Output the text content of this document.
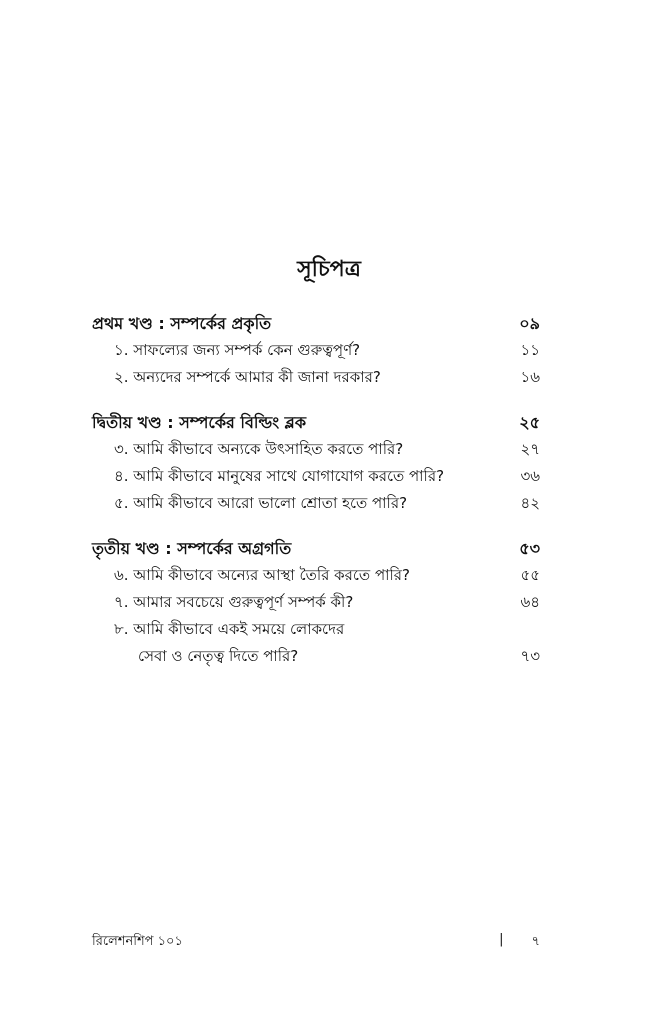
সূচিপত্র
প্রথম খণ্ড : সম্পর্কের প্রকৃতি	০৯
১. সাফল্যের জন্য সম্পর্ক কেন গুরুত্বপূর্ণ?	১১
২. অন্যদের সম্পর্কে আমার কী জানা দরকার?	১৬
দ্বিতীয় খণ্ড : সম্পর্কের বিল্ডিং ব্লক	২৫
৩. আমি কীভাবে অন্যকে উৎসাহিত করতে পারি?	২৭
৪. আমি কীভাবে মানুষের সাথে যোগাযোগ করতে পারি?	৩৬
৫. আমি কীভাবে আরো ভালো শ্রোতা হতে পারি?	৪২
তৃতীয় খণ্ড : সম্পর্কের অগ্রগতি	৫৩
৬. আমি কীভাবে অন্যের আস্থা তৈরি করতে পারি?	৫৫
৭. আমার সবচেয়ে গুরুত্বপূর্ণ সম্পর্ক কী?	৬৪
৮. আমি কীভাবে একই সময়ে লোকদের
সেবা ও নেতৃত্ব দিতে পারি?	৭৩
রিলেশনশিপ ১০১	| ৭
